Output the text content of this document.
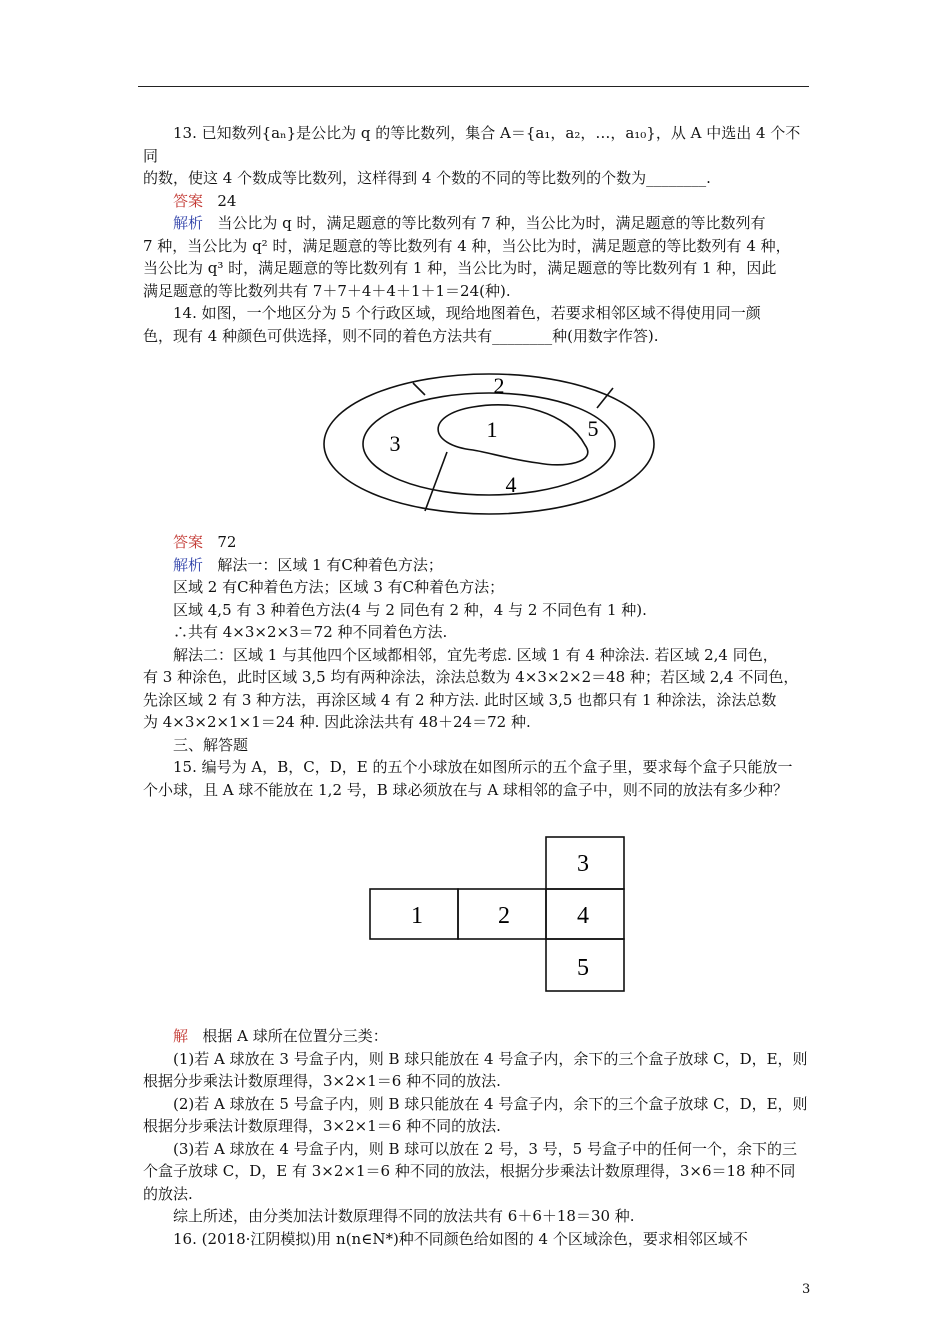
13. 已知数列{aₙ}是公比为 q 的等比数列，集合 A＝{a₁，a₂，…，a₁₀}，从 A 中选出 4 个不同

的数，使这 4 个数成等比数列，这样得到 4 个数的不同的等比数列的个数为________.

答案 24

解析 当公比为 q 时，满足题意的等比数列有 7 种，当公比为时，满足题意的等比数列有

7 种，当公比为 q² 时，满足题意的等比数列有 4 种，当公比为时，满足题意的等比数列有 4 种，

当公比为 q³ 时，满足题意的等比数列有 1 种，当公比为时，满足题意的等比数列有 1 种，因此

满足题意的等比数列共有 7＋7＋4＋4＋1＋1＝24(种).

14. 如图，一个地区分为 5 个行政区域，现给地图着色，若要求相邻区域不得使用同一颜

色，现有 4 种颜色可供选择，则不同的着色方法共有________种(用数字作答).

1
2
3
4
5

答案 72

解析 解法一：区域 1 有C种着色方法；

区域 2 有C种着色方法；区域 3 有C种着色方法；

区域 4,5 有 3 种着色方法(4 与 2 同色有 2 种，4 与 2 不同色有 1 种).

∴共有 4×3×2×3＝72 种不同着色方法.

解法二：区域 1 与其他四个区域都相邻，宜先考虑. 区域 1 有 4 种涂法. 若区域 2,4 同色，

有 3 种涂色，此时区域 3,5 均有两种涂法，涂法总数为 4×3×2×2＝48 种；若区域 2,4 不同色，

先涂区域 2 有 3 种方法，再涂区域 4 有 2 种方法. 此时区域 3,5 也都只有 1 种涂法，涂法总数

为 4×3×2×1×1＝24 种. 因此涂法共有 48＋24＝72 种.

三、解答题

15. 编号为 A，B，C，D，E 的五个小球放在如图所示的五个盒子里，要求每个盒子只能放一

个小球，且 A 球不能放在 1,2 号，B 球必须放在与 A 球相邻的盒子中，则不同的放法有多少种？

1	2
3
4
5

解 根据 A 球所在位置分三类：

(1)若 A 球放在 3 号盒子内，则 B 球只能放在 4 号盒子内，余下的三个盒子放球 C，D，E，则

根据分步乘法计数原理得，3×2×1＝6 种不同的放法.

(2)若 A 球放在 5 号盒子内，则 B 球只能放在 4 号盒子内，余下的三个盒子放球 C，D，E，则

根据分步乘法计数原理得，3×2×1＝6 种不同的放法.

(3)若 A 球放在 4 号盒子内，则 B 球可以放在 2 号，3 号，5 号盒子中的任何一个，余下的三

个盒子放球 C，D，E 有 3×2×1＝6 种不同的放法，根据分步乘法计数原理得，3×6＝18 种不同

的放法.

综上所述，由分类加法计数原理得不同的放法共有 6＋6＋18＝30 种.

16. (2018·江阴模拟)用 n(n∈N*)种不同颜色给如图的 4 个区域涂色，要求相邻区域不

3
